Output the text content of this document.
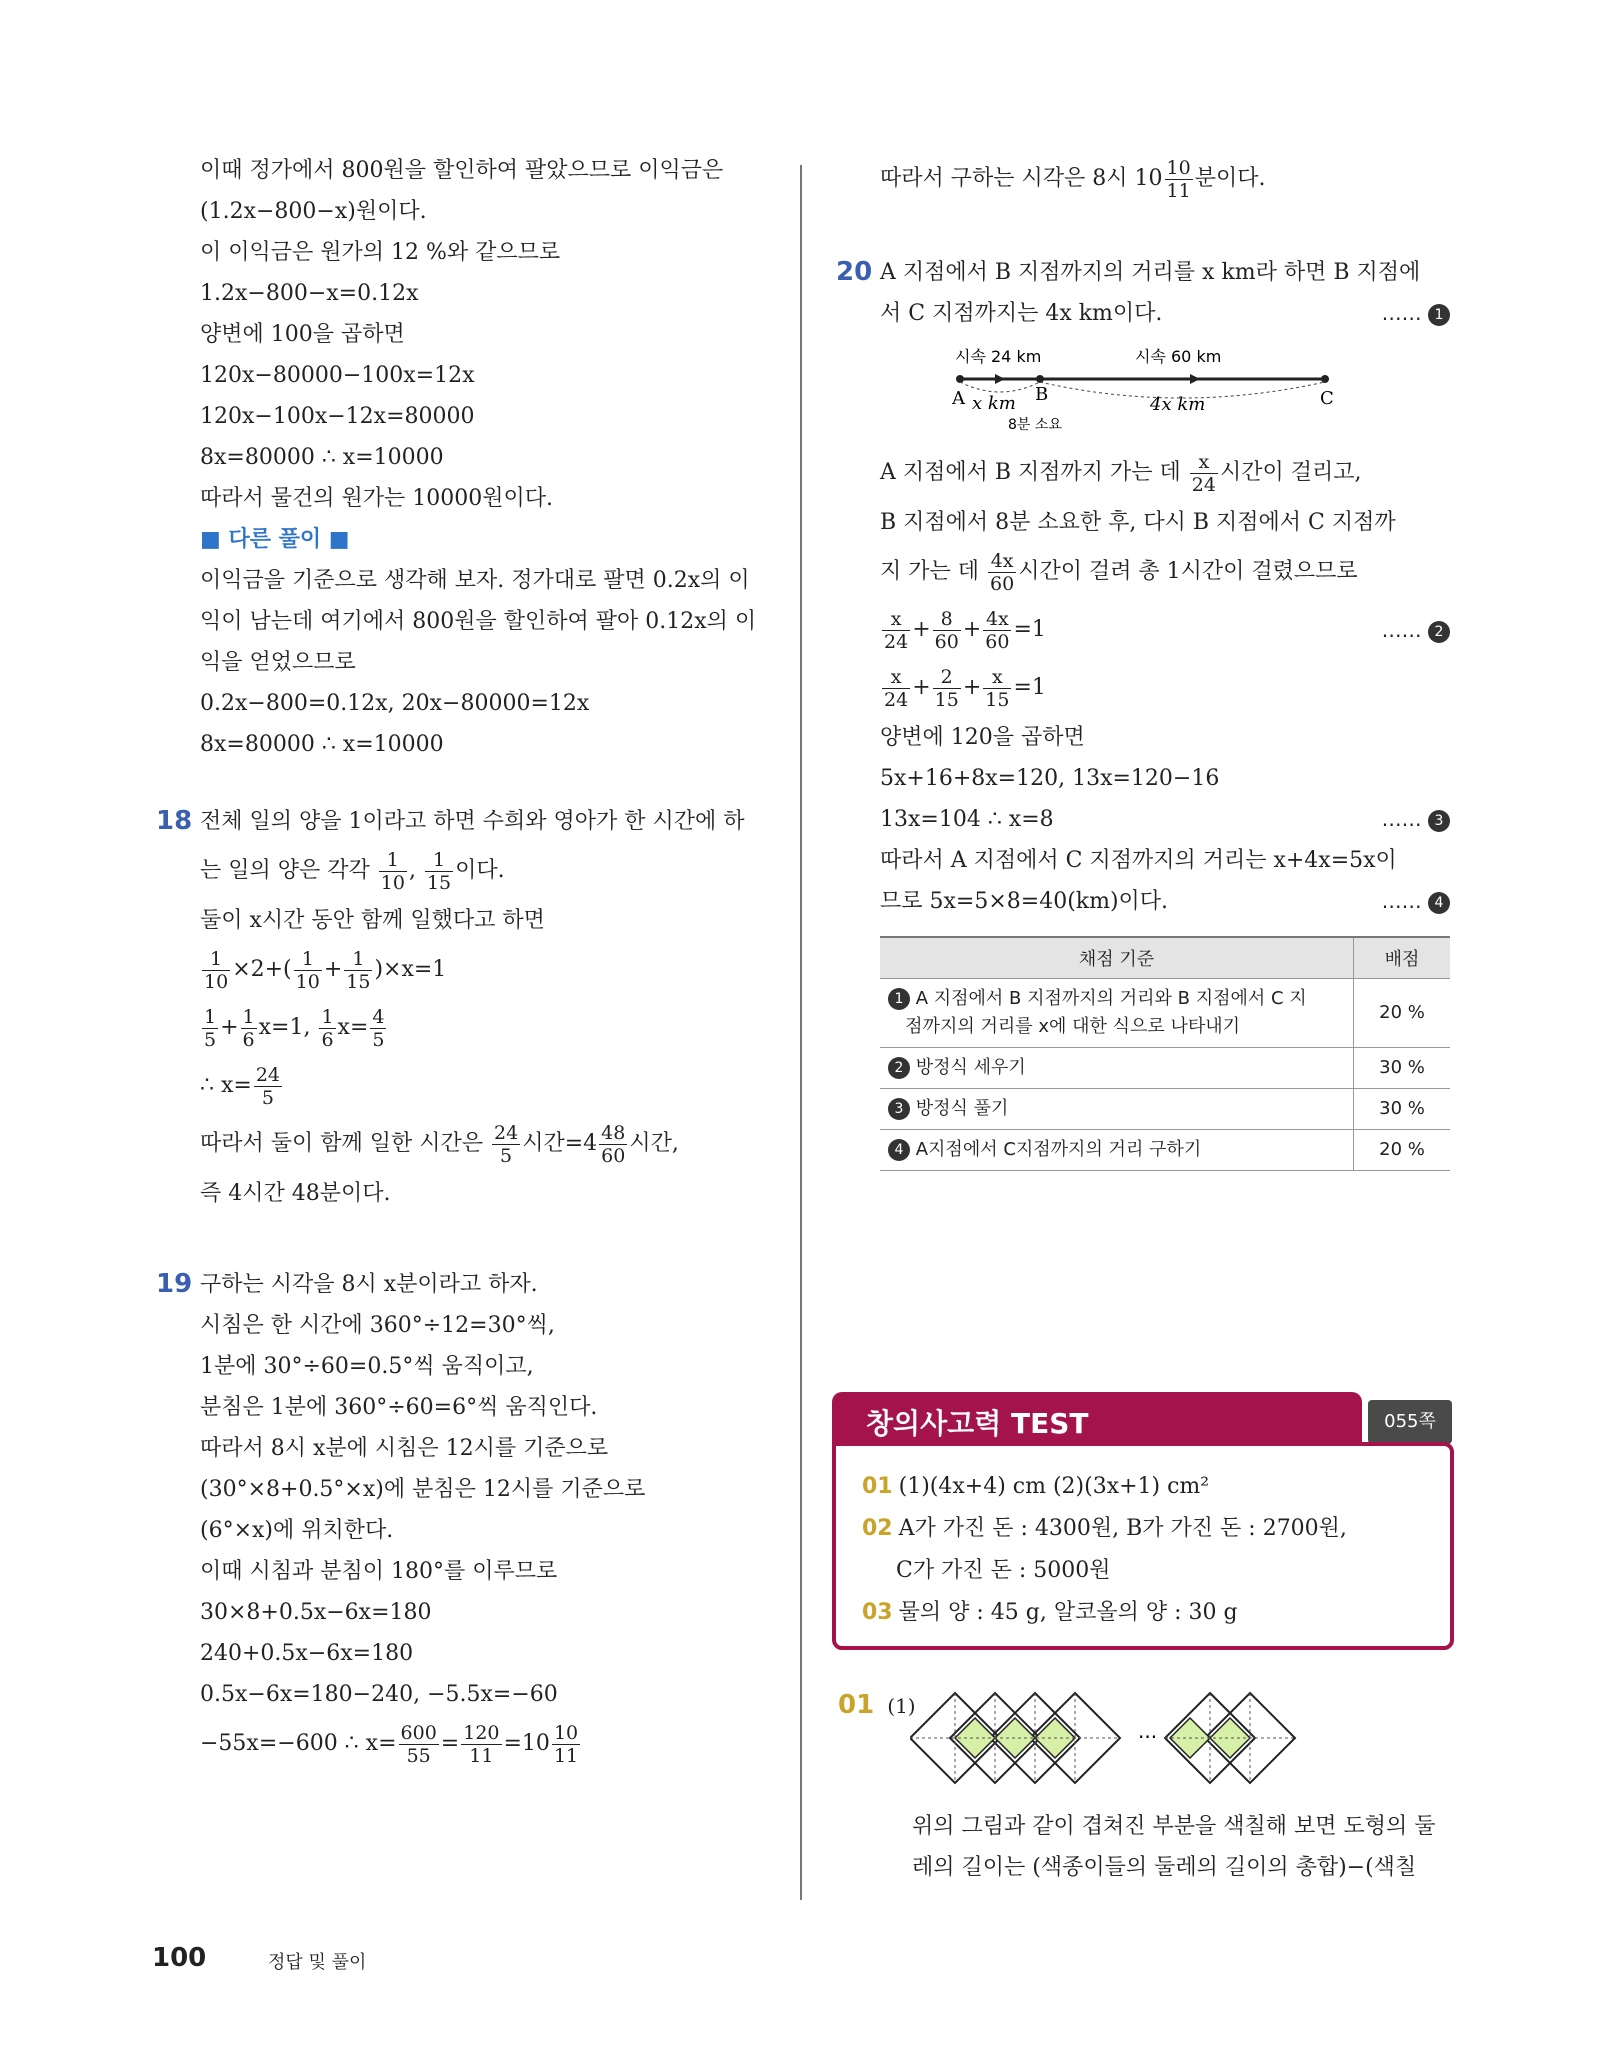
이때 정가에서 800원을 할인하여 팔았으므로 이익금은
(1.2x−800−x)원이다.
이 이익금은 원가의 12 %와 같으므로
1.2x−800−x=0.12x
양변에 100을 곱하면
120x−80000−100x=12x
120x−100x−12x=80000
8x=80000 ∴ x=10000
따라서 물건의 원가는 10000원이다.
■ 다른 풀이 ■
이익금을 기준으로 생각해 보자. 정가대로 팔면 0.2x의 이
익이 남는데 여기에서 800원을 할인하여 팔아 0.12x의 이
익을 얻었으므로
0.2x−800=0.12x, 20x−80000=12x
8x=80000 ∴ x=10000
18 전체 일의 양을 1이라고 하면 수희와 영아가 한 시간에 하
는 일의 양은 각각 $\frac{1}{10}$ , $\frac{1}{15}$ 이다.
둘이 x시간 동안 함께 일했다고 하면
$\frac{1}{10} \times 2+( \frac{1}{10} + \frac{1}{15} )\times x=1$
$\frac{1}{5} + \frac{1}{6} x=1$, $\frac{1}{6} x= \frac{4}{5}$
∴ $x= \frac{24}{5}$
따라서 둘이 함께 일한 시간은 $\frac{24}{5}$ 시간$=4 \frac{48}{60}$ 시간,
즉 4시간 48분이다.
19 구하는 시각을 8시 x분이라고 하자.
시침은 한 시간에 360°÷12=30°씩,
1분에 30°÷60=0.5°씩 움직이고,
분침은 1분에 360°÷60=6°씩 움직인다.
따라서 8시 x분에 시침은 12시를 기준으로
(30°×8+0.5°×x)에 분침은 12시를 기준으로
(6°×x)에 위치한다.
이때 시침과 분침이 180°를 이루므로
30×8+0.5x−6x=180
240+0.5x−6x=180
0.5x−6x=180−240, −5.5x=−60
−55x=−600 ∴ $x= \frac{600}{55} = \frac{120}{11} =10 \frac{10}{11}$
따라서 구하는 시각은 8시 $10 \frac{10}{11}$ 분이다.
20 A 지점에서 B 지점까지의 거리를 x km라 하면 B 지점에
서 C 지점까지는 4x km이다.	…… 1
시속 24 km	시속 60 km
A	B	C
x km	4x km
8분 소요
A 지점에서 B 지점까지 가는 데 $\frac{x}{24}$ 시간이 걸리고,
B 지점에서 8분 소요한 후, 다시 B 지점에서 C 지점까
지 가는 데 $\frac{4x}{60}$ 시간이 걸려 총 1시간이 걸렸으므로
$\frac{x}{24} + \frac{8}{60} + \frac{4x}{60} =1$	…… 2
$\frac{x}{24} + \frac{2}{15} + \frac{x}{15} =1$
양변에 120을 곱하면
5x+16+8x=120, 13x=120−16
13x=104 ∴ x=8	…… 3
따라서 A 지점에서 C 지점까지의 거리는 x+4x=5x이
므로 5x=5×8=40(km)이다.	…… 4
채점 기준	배점
1 A 지점에서 B 지점까지의 거리와 B 지점에서 C 지
점까지의 거리를 x에 대한 식으로 나타내기	20 %
2 방정식 세우기	30 %
3 방정식 풀기	30 %
4 A지점에서 C지점까지의 거리 구하기	20 %
창의사고력 TEST	055쪽
01 (1)(4x+4) cm (2)(3x+1) cm²
02 A가 가진 돈 : 4300원, B가 가진 돈 : 2700원,
C가 가진 돈 : 5000원
03 물의 양 : 45 g, 알코올의 양 : 30 g
01 (1)
···
위의 그림과 같이 겹쳐진 부분을 색칠해 보면 도형의 둘
레의 길이는 (색종이들의 둘레의 길이의 총합)−(색칠
100	정답 및 풀이
